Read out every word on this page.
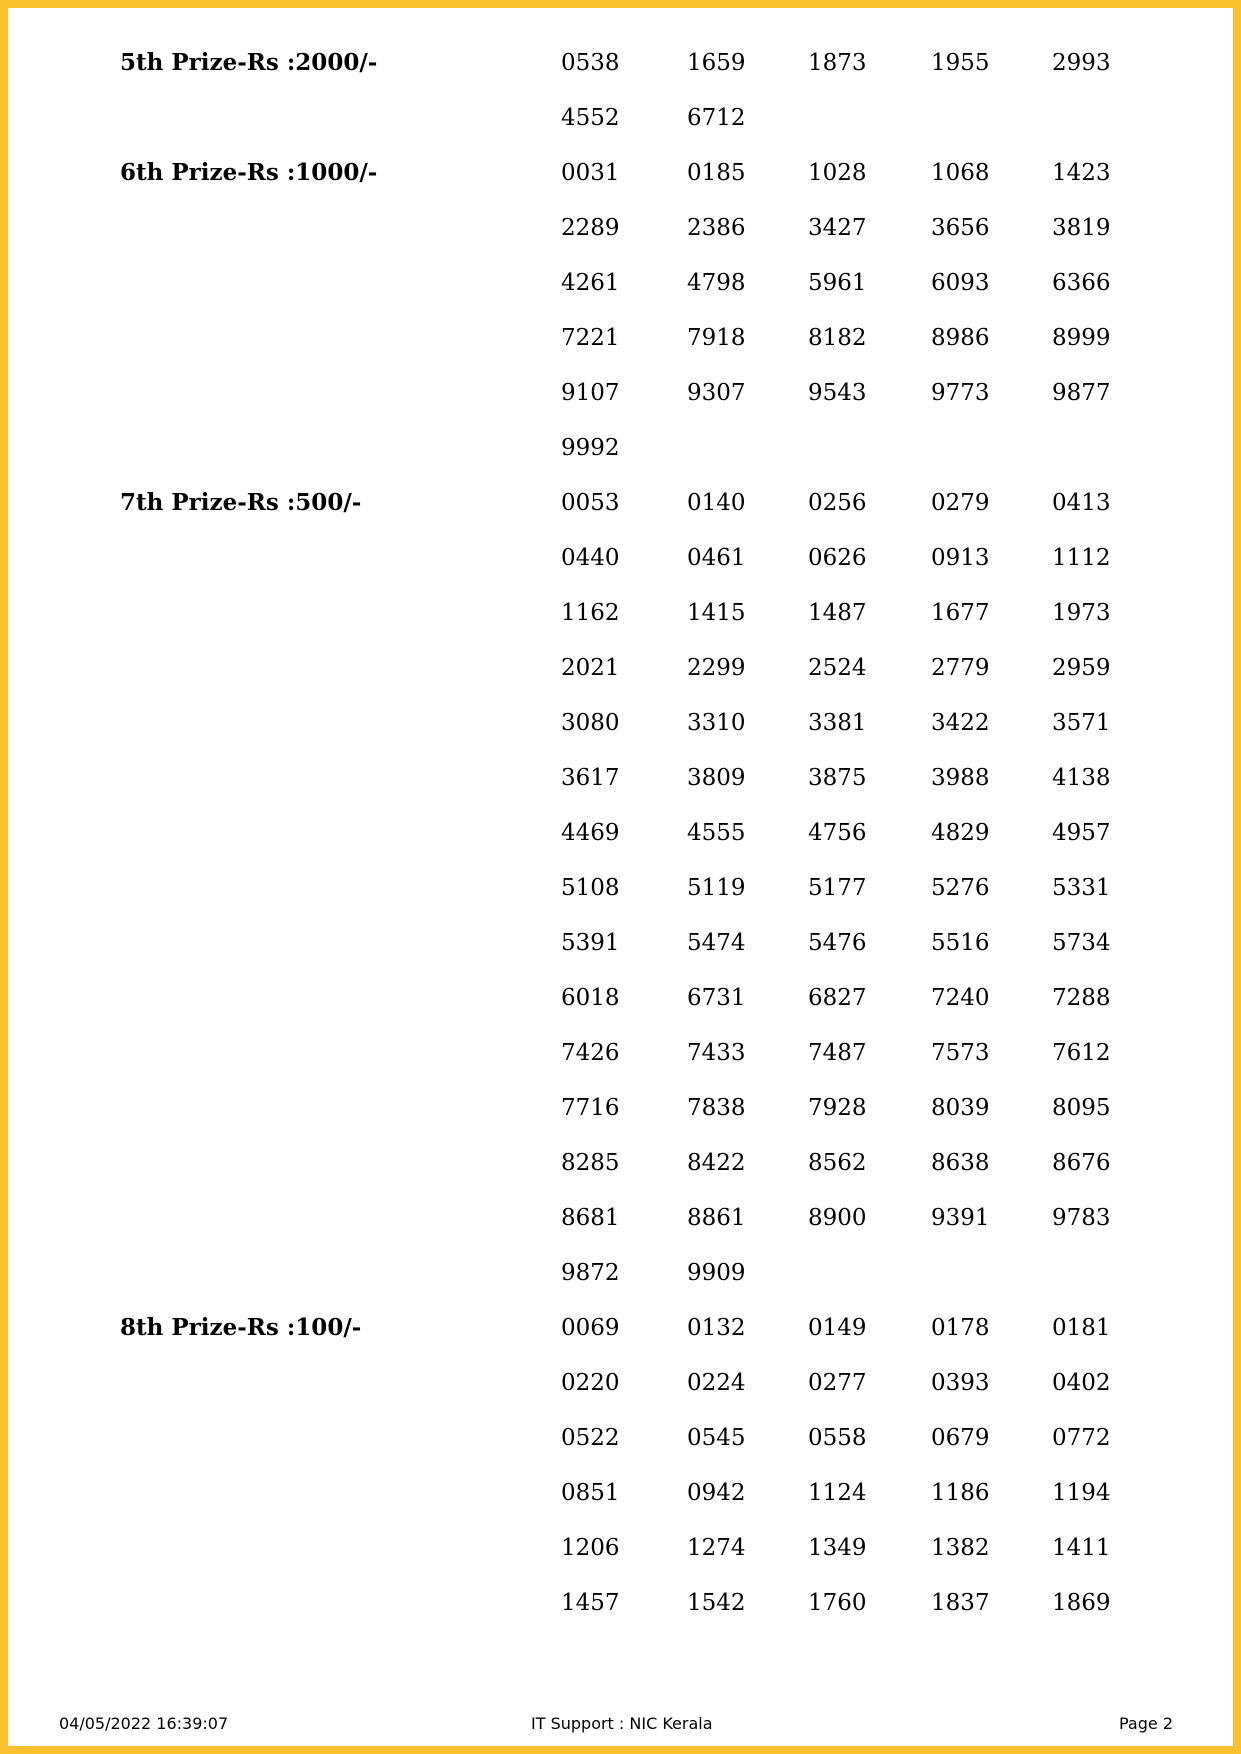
5th Prize-Rs :2000/-	0538	1659	1873	1955	2993
4552	6712
6th Prize-Rs :1000/-	0031	0185	1028	1068	1423
2289	2386	3427	3656	3819
4261	4798	5961	6093	6366
7221	7918	8182	8986	8999
9107	9307	9543	9773	9877
9992
7th Prize-Rs :500/-	0053	0140	0256	0279	0413
0440	0461	0626	0913	1112
1162	1415	1487	1677	1973
2021	2299	2524	2779	2959
3080	3310	3381	3422	3571
3617	3809	3875	3988	4138
4469	4555	4756	4829	4957
5108	5119	5177	5276	5331
5391	5474	5476	5516	5734
6018	6731	6827	7240	7288
7426	7433	7487	7573	7612
7716	7838	7928	8039	8095
8285	8422	8562	8638	8676
8681	8861	8900	9391	9783
9872	9909
8th Prize-Rs :100/-	0069	0132	0149	0178	0181
0220	0224	0277	0393	0402
0522	0545	0558	0679	0772
0851	0942	1124	1186	1194
1206	1274	1349	1382	1411
1457	1542	1760	1837	1869
04/05/2022 16:39:07	IT Support : NIC Kerala	Page 2
